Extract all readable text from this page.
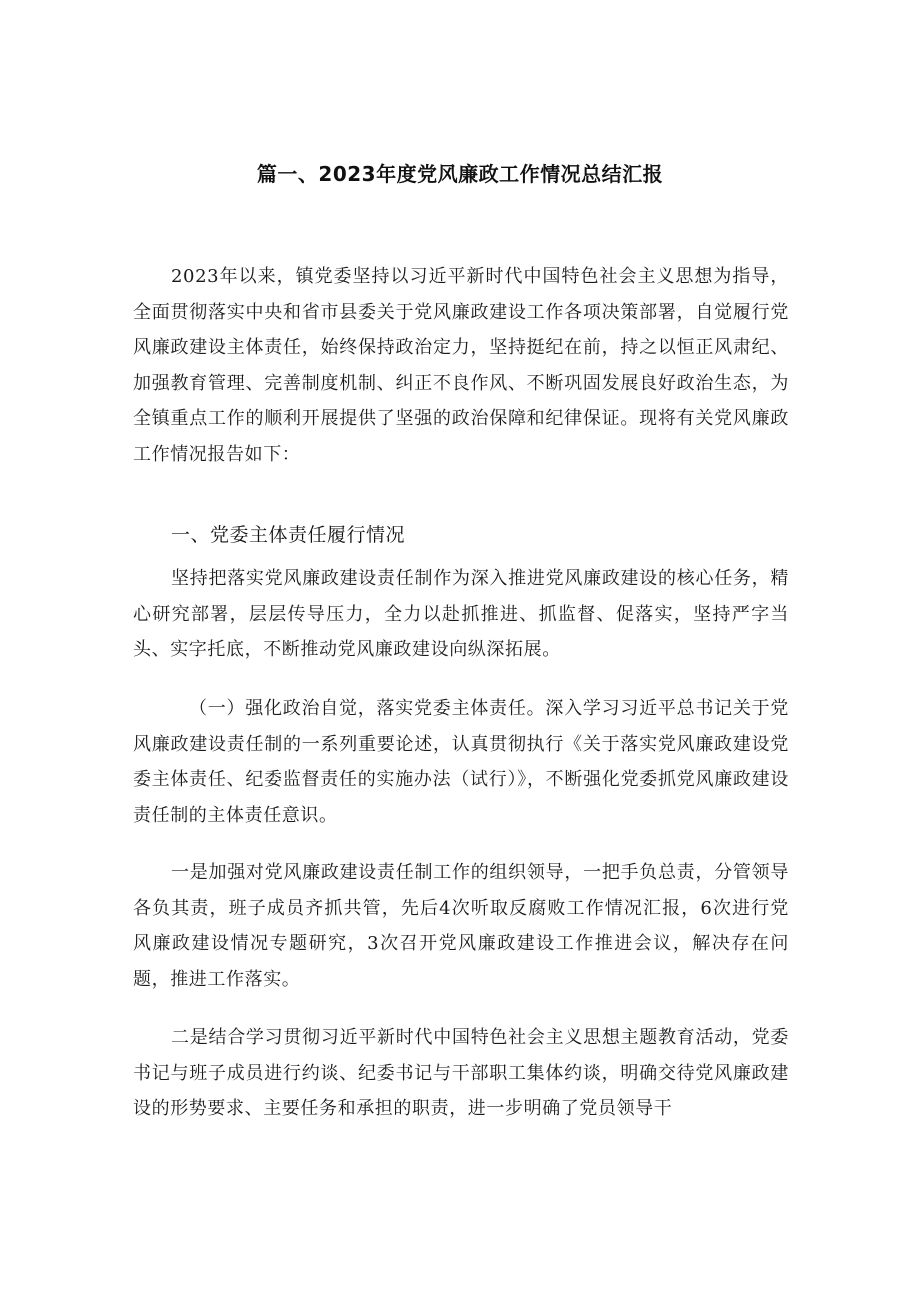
篇一、2023年度党风廉政工作情况总结汇报

2023年以来，镇党委坚持以习近平新时代中国特色社会主义思想为指导，全面贯彻落实中央和省市县委关于党风廉政建设工作各项决策部署，自觉履行党风廉政建设主体责任，始终保持政治定力，坚持挺纪在前，持之以恒正风肃纪、加强教育管理、完善制度机制、纠正不良作风、不断巩固发展良好政治生态，为全镇重点工作的顺利开展提供了坚强的政治保障和纪律保证。现将有关党风廉政工作情况报告如下：

一、党委主体责任履行情况

坚持把落实党风廉政建设责任制作为深入推进党风廉政建设的核心任务，精心研究部署，层层传导压力，全力以赴抓推进、抓监督、促落实，坚持严字当头、实字托底，不断推动党风廉政建设向纵深拓展。

（一）强化政治自觉，落实党委主体责任。深入学习习近平总书记关于党风廉政建设责任制的一系列重要论述，认真贯彻执行《关于落实党风廉政建设党委主体责任、纪委监督责任的实施办法（试行）》，不断强化党委抓党风廉政建设责任制的主体责任意识。

一是加强对党风廉政建设责任制工作的组织领导，一把手负总责，分管领导各负其责，班子成员齐抓共管，先后4次听取反腐败工作情况汇报，6次进行党风廉政建设情况专题研究，3次召开党风廉政建设工作推进会议，解决存在问题，推进工作落实。

二是结合学习贯彻习近平新时代中国特色社会主义思想主题教育活动，党委书记与班子成员进行约谈、纪委书记与干部职工集体约谈，明确交待党风廉政建设的形势要求、主要任务和承担的职责，进一步明确了党员领导干
